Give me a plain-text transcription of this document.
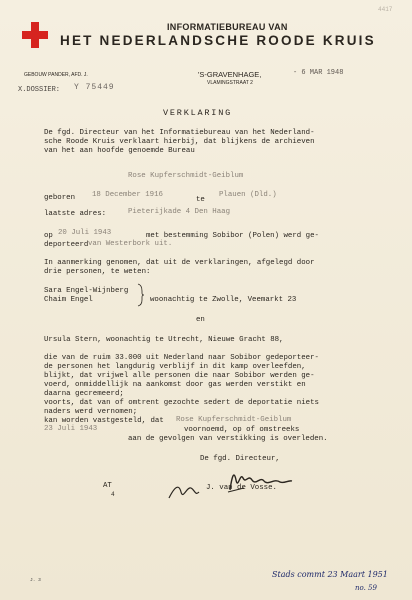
INFORMATIEBUREAU VAN
HET NEDERLANDSCHE ROODE KRUIS
4417
GEBOUW PANDER, AFD. J.	'S-GRAVENHAGE,
VLAMINGSTRAAT 2
- 6 MAR 1948
X.DOSSIER: Y 75449
VERKLARING
De fgd. Directeur van het Informatiebureau van het Nederland-
sche Roode Kruis verklaart hierbij, dat blijkens de archieven
van het aan hoofde genoemde Bureau
Rose Kupferschmidt-Geiblum
geboren 18 December 1916
te
Plauen (Dld.)
laatste adres:	Pieterijkade 4 Den Haag
op 20 Juli 1943	met bestemming Sobibor (Polen) werd ge-
deporteerd van Westerbork uit.
In aanmerking genomen, dat uit de verklaringen, afgelegd door
drie personen, te weten:
Sara Engel-Wijnberg
Chaim Engel	woonachtig te Zwolle, Veemarkt 23
en
Ursula Stern, woonachtig te Utrecht, Nieuwe Gracht 88,
die van de ruim 33.000 uit Nederland naar Sobibor gedeporteer-
de personen het langdurig verblijf in dit kamp overleefden,
blijkt, dat vrijwel alle personen die naar Sobibor werden ge-
voerd, onmiddellijk na aankomst door gas werden verstikt en
daarna gecremeerd;
voorts, dat van of omtrent gezochte sedert de deportatie niets
naders werd vernomen;
kan worden vastgesteld, dat Rose Kupferschmidt-Geiblum
23 Juli 1943	voornoemd, op of omstreeks
aan de gevolgen van verstikking is overleden.
De fgd. Directeur,
J. van de Vosse.
AT
4
J. 3
Stads commt 23 Maart 1951
no. 59
